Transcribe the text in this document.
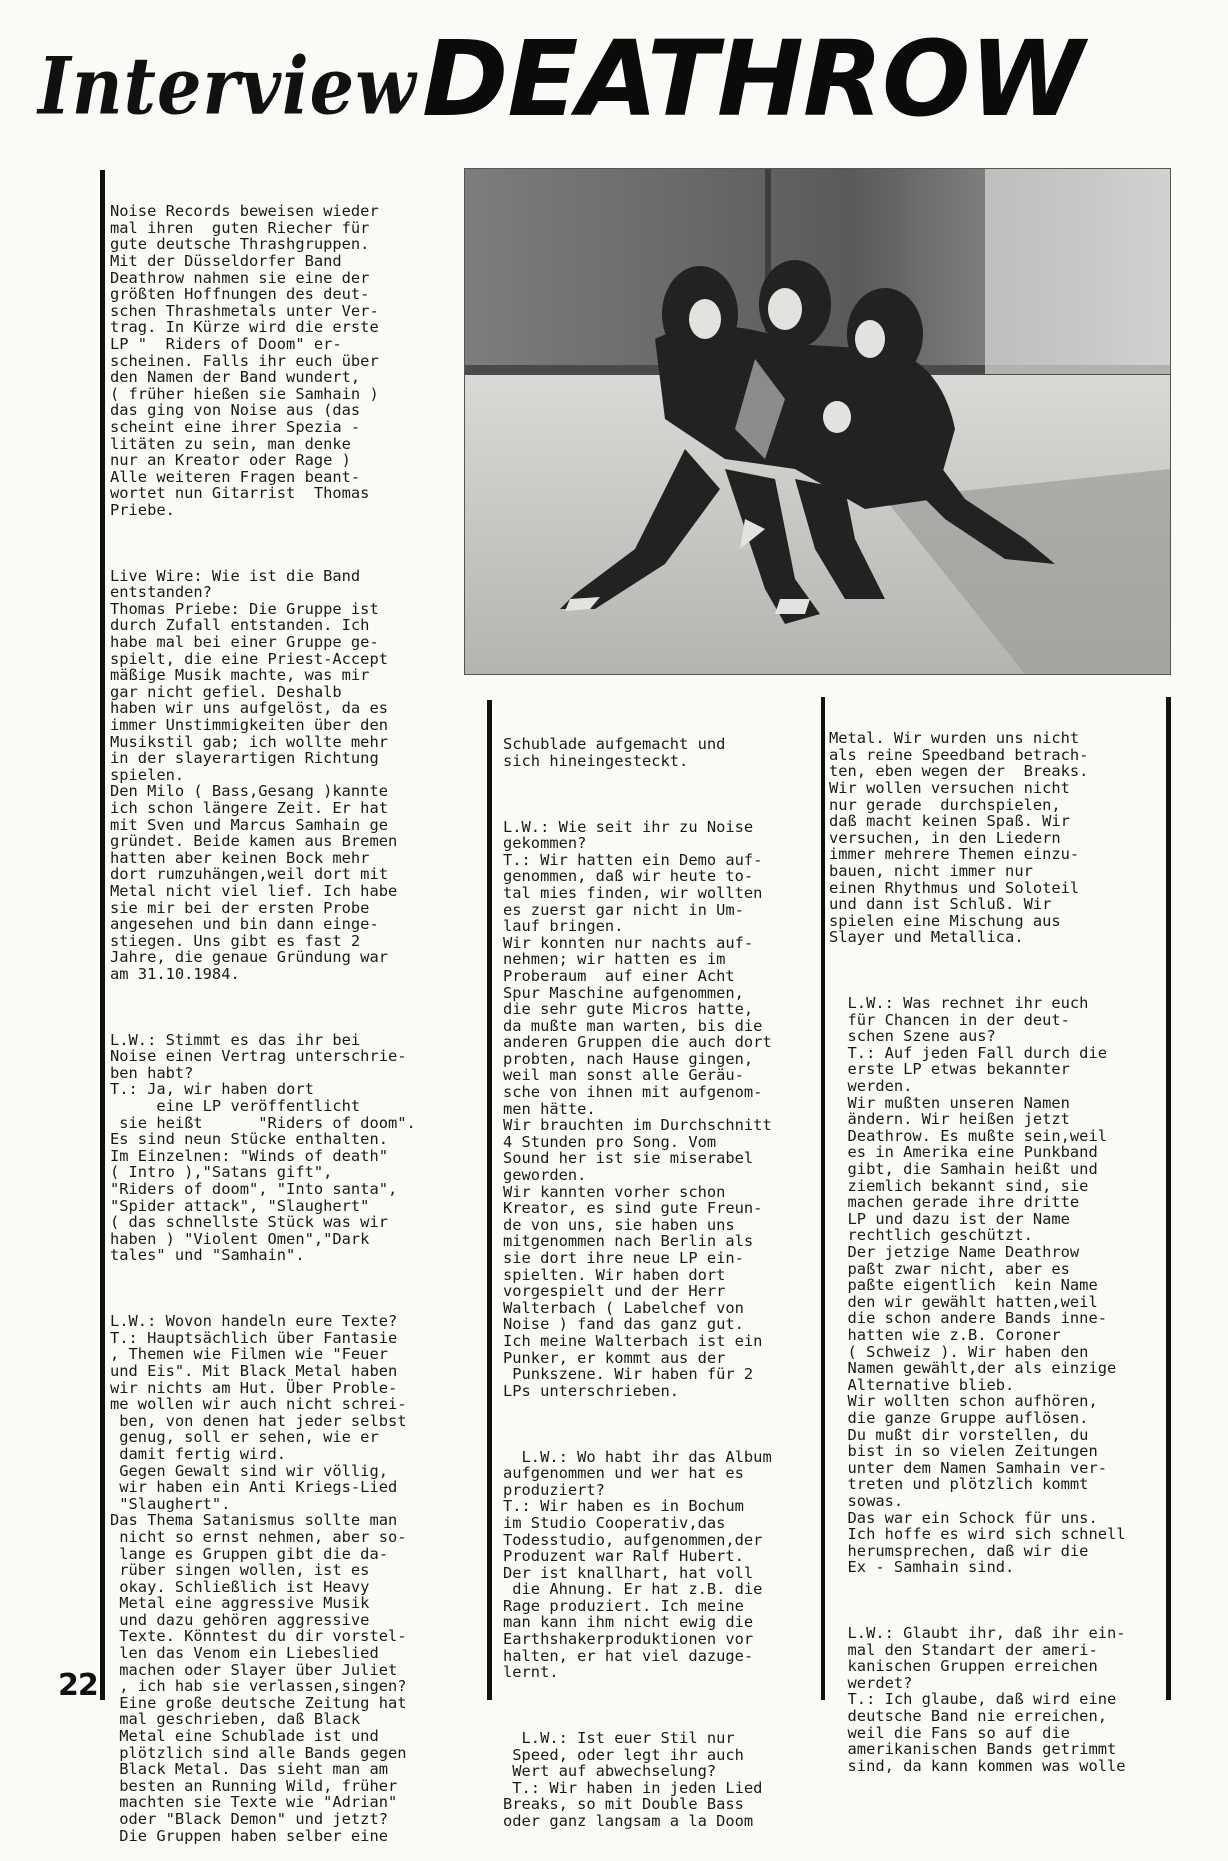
Interview DEATHROW

Noise Records beweisen wieder
mal ihren  guten Riecher für
gute deutsche Thrashgruppen.
Mit der Düsseldorfer Band
Deathrow nahmen sie eine der
größten Hoffnungen des deut-
schen Thrashmetals unter Ver-
trag. In Kürze wird die erste
LP "  Riders of Doom" er-
scheinen. Falls ihr euch über
den Namen der Band wundert,
( früher hießen sie Samhain )
das ging von Noise aus (das
scheint eine ihrer Spezia -
litäten zu sein, man denke
nur an Kreator oder Rage )
Alle weiteren Fragen beant-
wortet nun Gitarrist  Thomas
Priebe.

Live Wire: Wie ist die Band
entstanden?
Thomas Priebe: Die Gruppe ist
durch Zufall entstanden. Ich
habe mal bei einer Gruppe ge-
spielt, die eine Priest-Accept
mäßige Musik machte, was mir
gar nicht gefiel. Deshalb
haben wir uns aufgelöst, da es
immer Unstimmigkeiten über den
Musikstil gab; ich wollte mehr
in der slayerartigen Richtung
spielen.
Den Milo ( Bass,Gesang )kannte
ich schon längere Zeit. Er hat
mit Sven und Marcus Samhain ge
gründet. Beide kamen aus Bremen
hatten aber keinen Bock mehr
dort rumzuhängen,weil dort mit
Metal nicht viel lief. Ich habe
sie mir bei der ersten Probe
angesehen und bin dann einge-
stiegen. Uns gibt es fast 2
Jahre, die genaue Gründung war
am 31.10.1984.

L.W.: Stimmt es das ihr bei
Noise einen Vertrag unterschrie-
ben habt?
T.: Ja, wir haben dort
eine LP veröffentlicht
sie heißt      "Riders of doom".
Es sind neun Stücke enthalten.
Im Einzelnen: "Winds of death"
( Intro ),"Satans gift",
"Riders of doom", "Into santa",
"Spider attack", "Slaughert"
( das schnellste Stück was wir
haben ) "Violent Omen","Dark
tales" und "Samhain".

L.W.: Wovon handeln eure Texte?
T.: Hauptsächlich über Fantasie
, Themen wie Filmen wie "Feuer
und Eis". Mit Black Metal haben
wir nichts am Hut. Über Proble-
me wollen wir auch nicht schrei-
ben, von denen hat jeder selbst
genug, soll er sehen, wie er
damit fertig wird.
Gegen Gewalt sind wir völlig,
wir haben ein Anti Kriegs-Lied
"Slaughert".
Das Thema Satanismus sollte man
nicht so ernst nehmen, aber so-
lange es Gruppen gibt die da-
rüber singen wollen, ist es
okay. Schließlich ist Heavy
Metal eine aggressive Musik
und dazu gehören aggressive
Texte. Könntest du dir vorstel-
len das Venom ein Liebeslied
machen oder Slayer über Juliet
, ich hab sie verlassen,singen?
Eine große deutsche Zeitung hat
mal geschrieben, daß Black
Metal eine Schublade ist und
plötzlich sind alle Bands gegen
Black Metal. Das sieht man am
besten an Running Wild, früher
machten sie Texte wie "Adrian"
oder "Black Demon" und jetzt?
Die Gruppen haben selber eine

Schublade aufgemacht und
sich hineingesteckt.

L.W.: Wie seit ihr zu Noise
gekommen?
T.: Wir hatten ein Demo auf-
genommen, daß wir heute to-
tal mies finden, wir wollten
es zuerst gar nicht in Um-
lauf bringen.
Wir konnten nur nachts auf-
nehmen; wir hatten es im
Proberaum  auf einer Acht
Spur Maschine aufgenommen,
die sehr gute Micros hatte,
da mußte man warten, bis die
anderen Gruppen die auch dort
probten, nach Hause gingen,
weil man sonst alle Geräu-
sche von ihnen mit aufgenom-
men hätte.
Wir brauchten im Durchschnitt
4 Stunden pro Song. Vom
Sound her ist sie miserabel
geworden.
Wir kannten vorher schon
Kreator, es sind gute Freun-
de von uns, sie haben uns
mitgenommen nach Berlin als
sie dort ihre neue LP ein-
spielten. Wir haben dort
vorgespielt und der Herr
Walterbach ( Labelchef von
Noise ) fand das ganz gut.
Ich meine Walterbach ist ein
Punker, er kommt aus der
Punkszene. Wir haben für 2
LPs unterschrieben.

L.W.: Wo habt ihr das Album
aufgenommen und wer hat es
produziert?
T.: Wir haben es in Bochum
im Studio Cooperativ,das
Todesstudio, aufgenommen,der
Produzent war Ralf Hubert.
Der ist knallhart, hat voll
die Ahnung. Er hat z.B. die
Rage produziert. Ich meine
man kann ihm nicht ewig die
Earthshakerproduktionen vor
halten, er hat viel dazuge-
lernt.

L.W.: Ist euer Stil nur
Speed, oder legt ihr auch
Wert auf abwechselung?
T.: Wir haben in jeden Lied
Breaks, so mit Double Bass
oder ganz langsam a la Doom

Metal. Wir wurden uns nicht
als reine Speedband betrach-
ten, eben wegen der  Breaks.
Wir wollen versuchen nicht
nur gerade  durchspielen,
daß macht keinen Spaß. Wir
versuchen, in den Liedern
immer mehrere Themen einzu-
bauen, nicht immer nur
einen Rhythmus und Soloteil
und dann ist Schluß. Wir
spielen eine Mischung aus
Slayer und Metallica.

L.W.: Was rechnet ihr euch
für Chancen in der deut-
schen Szene aus?
T.: Auf jeden Fall durch die
erste LP etwas bekannter
werden.
Wir mußten unseren Namen
ändern. Wir heißen jetzt
Deathrow. Es mußte sein,weil
es in Amerika eine Punkband
gibt, die Samhain heißt und
ziemlich bekannt sind, sie
machen gerade ihre dritte
LP und dazu ist der Name
rechtlich geschützt.
Der jetzige Name Deathrow
paßt zwar nicht, aber es
paßte eigentlich  kein Name
den wir gewählt hatten,weil
die schon andere Bands inne-
hatten wie z.B. Coroner
( Schweiz ). Wir haben den
Namen gewählt,der als einzige
Alternative blieb.
Wir wollten schon aufhören,
die ganze Gruppe auflösen.
Du mußt dir vorstellen, du
bist in so vielen Zeitungen
unter dem Namen Samhain ver-
treten und plötzlich kommt
sowas.
Das war ein Schock für uns.
Ich hoffe es wird sich schnell
herumsprechen, daß wir die
Ex - Samhain sind.

L.W.: Glaubt ihr, daß ihr ein-
mal den Standart der ameri-
kanischen Gruppen erreichen
werdet?
T.: Ich glaube, daß wird eine
deutsche Band nie erreichen,
weil die Fans so auf die
amerikanischen Bands getrimmt
sind, da kann kommen was wolle

22
